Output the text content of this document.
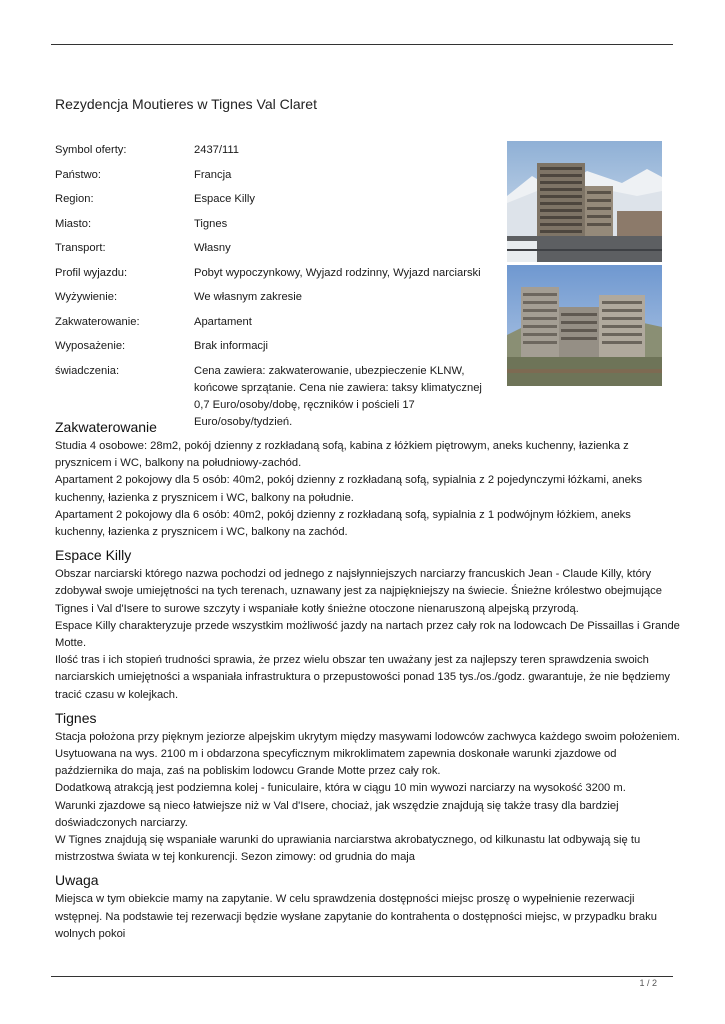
Rezydencja Moutieres w Tignes Val Claret
Symbol oferty:	2437/111
Państwo:	Francja
Region:	Espace Killy
Miasto:	Tignes
Transport:	Własny
Profil wyjazdu:	Pobyt wypoczynkowy, Wyjazd rodzinny, Wyjazd narciarski
Wyżywienie:	We własnym zakresie
Zakwaterowanie:	Apartament
Wyposażenie:	Brak informacji
świadczenia:	Cena zawiera: zakwaterowanie, ubezpieczenie KLNW, końcowe sprzątanie. Cena nie zawiera: taksy klimatycznej 0,7 Euro/osoby/dobę, ręczników i pościeli 17 Euro/osoby/tydzień.
Zakwaterowanie

Studia 4 osobowe: 28m2, pokój dzienny z rozkładaną sofą, kabina z łóżkiem piętrowym, aneks kuchenny, łazienka z prysznicem i WC, balkony na południowy-zachód.

Apartament 2 pokojowy dla 5 osób: 40m2, pokój dzienny z rozkładaną sofą, sypialnia z 2 pojedynczymi łóżkami, aneks kuchenny, łazienka z prysznicem i WC, balkony na południe.

Apartament 2 pokojowy dla 6 osób: 40m2, pokój dzienny z rozkładaną sofą, sypialnia z 1 podwójnym łóżkiem, aneks kuchenny, łazienka z prysznicem i WC, balkony na zachód.

Espace Killy

Obszar narciarski którego nazwa pochodzi od jednego z najsłynniejszych narciarzy francuskich Jean - Claude Killy, który zdobywał swoje umiejętności na tych terenach, uznawany jest za najpiękniejszy na świecie. Śnieżne królestwo obejmujące Tignes i Val d'Isere to surowe szczyty i wspaniałe kotły śnieżne otoczone nienaruszoną alpejską przyrodą.

Espace Killy charakteryzuje przede wszystkim możliwość jazdy na nartach przez cały rok na lodowcach De Pissaillas i Grande Motte.

Ilość tras i ich stopień trudności sprawia, że przez wielu obszar ten uważany jest za najlepszy teren sprawdzenia swoich narciarskich umiejętności a wspaniała infrastruktura o przepustowości ponad 135 tys./os./godz. gwarantuje, że nie będziemy tracić czasu w kolejkach.

Tignes

Stacja położona przy pięknym jeziorze alpejskim ukrytym między masywami lodowców zachwyca każdego swoim położeniem. Usytuowana na wys. 2100 m i obdarzona specyficznym mikroklimatem zapewnia doskonałe warunki zjazdowe od października do maja, zaś na pobliskim lodowcu Grande Motte przez cały rok.

Dodatkową atrakcją jest podziemna kolej - funiculaire, która w ciągu 10 min wywozi narciarzy na wysokość 3200 m.

Warunki zjazdowe są nieco łatwiejsze niż w Val d'Isere, chociaż, jak wszędzie znajdują się także trasy dla bardziej doświadczonych narciarzy.

W Tignes znajdują się wspaniałe warunki do uprawiania narciarstwa akrobatycznego, od kilkunastu lat odbywają się tu mistrzostwa świata w tej konkurencji. Sezon zimowy: od grudnia do maja

Uwaga

Miejsca w tym obiekcie mamy na zapytanie. W celu sprawdzenia dostępności miejsc proszę o wypełnienie rezerwacji wstępnej. Na podstawie tej rezerwacji będzie wysłane zapytanie do kontrahenta o dostępności miejsc, w przypadku braku wolnych pokoi

1 / 2
